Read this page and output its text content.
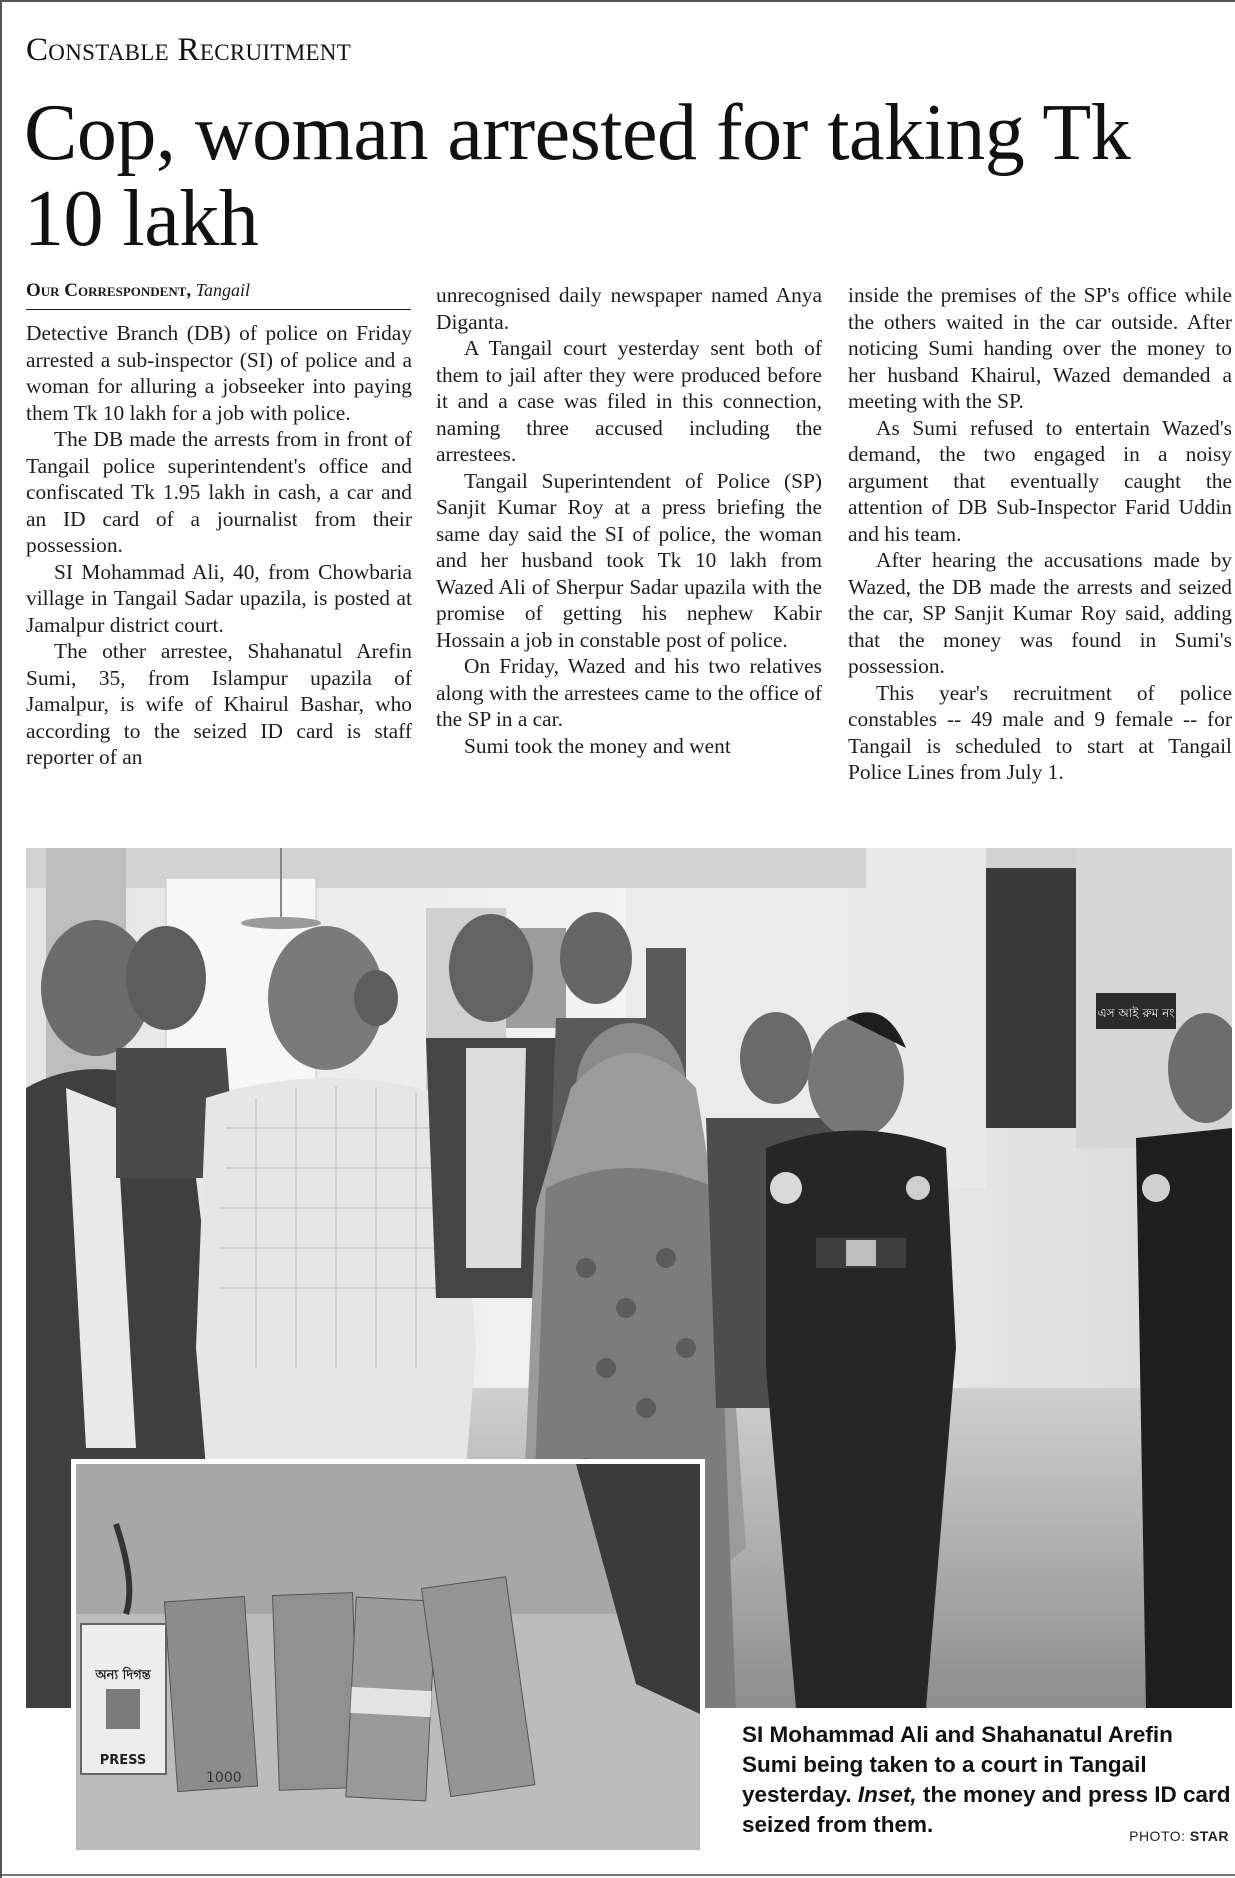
Constable Recruitment
Cop, woman arrested for taking Tk 10 lakh
Our Correspondent, Tangail

Detective Branch (DB) of police on Friday arrested a sub-inspector (SI) of police and a woman for alluring a jobseeker into paying them Tk 10 lakh for a job with police.

The DB made the arrests from in front of Tangail police superintendent's office and confiscated Tk 1.95 lakh in cash, a car and an ID card of a journalist from their possession.

SI Mohammad Ali, 40, from Chowbaria village in Tangail Sadar upazila, is posted at Jamalpur district court.

The other arrestee, Shahanatul Arefin Sumi, 35, from Islampur upazila of Jamalpur, is wife of Khairul Bashar, who according to the seized ID card is staff reporter of an

unrecognised daily newspaper named Anya Diganta.

A Tangail court yesterday sent both of them to jail after they were produced before it and a case was filed in this connection, naming three accused including the arrestees.

Tangail Superintendent of Police (SP) Sanjit Kumar Roy at a press briefing the same day said the SI of police, the woman and her husband took Tk 10 lakh from Wazed Ali of Sherpur Sadar upazila with the promise of getting his nephew Kabir Hossain a job in constable post of police.

On Friday, Wazed and his two relatives along with the arrestees came to the office of the SP in a car.

Sumi took the money and went

inside the premises of the SP's office while the others waited in the car outside. After noticing Sumi handing over the money to her husband Khairul, Wazed demanded a meeting with the SP.

As Sumi refused to entertain Wazed's demand, the two engaged in a noisy argument that eventually caught the attention of DB Sub-Inspector Farid Uddin and his team.

After hearing the accusations made by Wazed, the DB made the arrests and seized the car, SP Sanjit Kumar Roy said, adding that the money was found in Sumi's possession.

This year's recruitment of police constables -- 49 male and 9 female -- for Tangail is scheduled to start at Tangail Police Lines from July 1.

এস আই রুম নং
অন্য দিগন্ত
PRESS
1000
SI Mohammad Ali and Shahanatul Arefin Sumi being taken to a court in Tangail yesterday. Inset, the money and press ID card seized from them.	PHOTO: STAR
